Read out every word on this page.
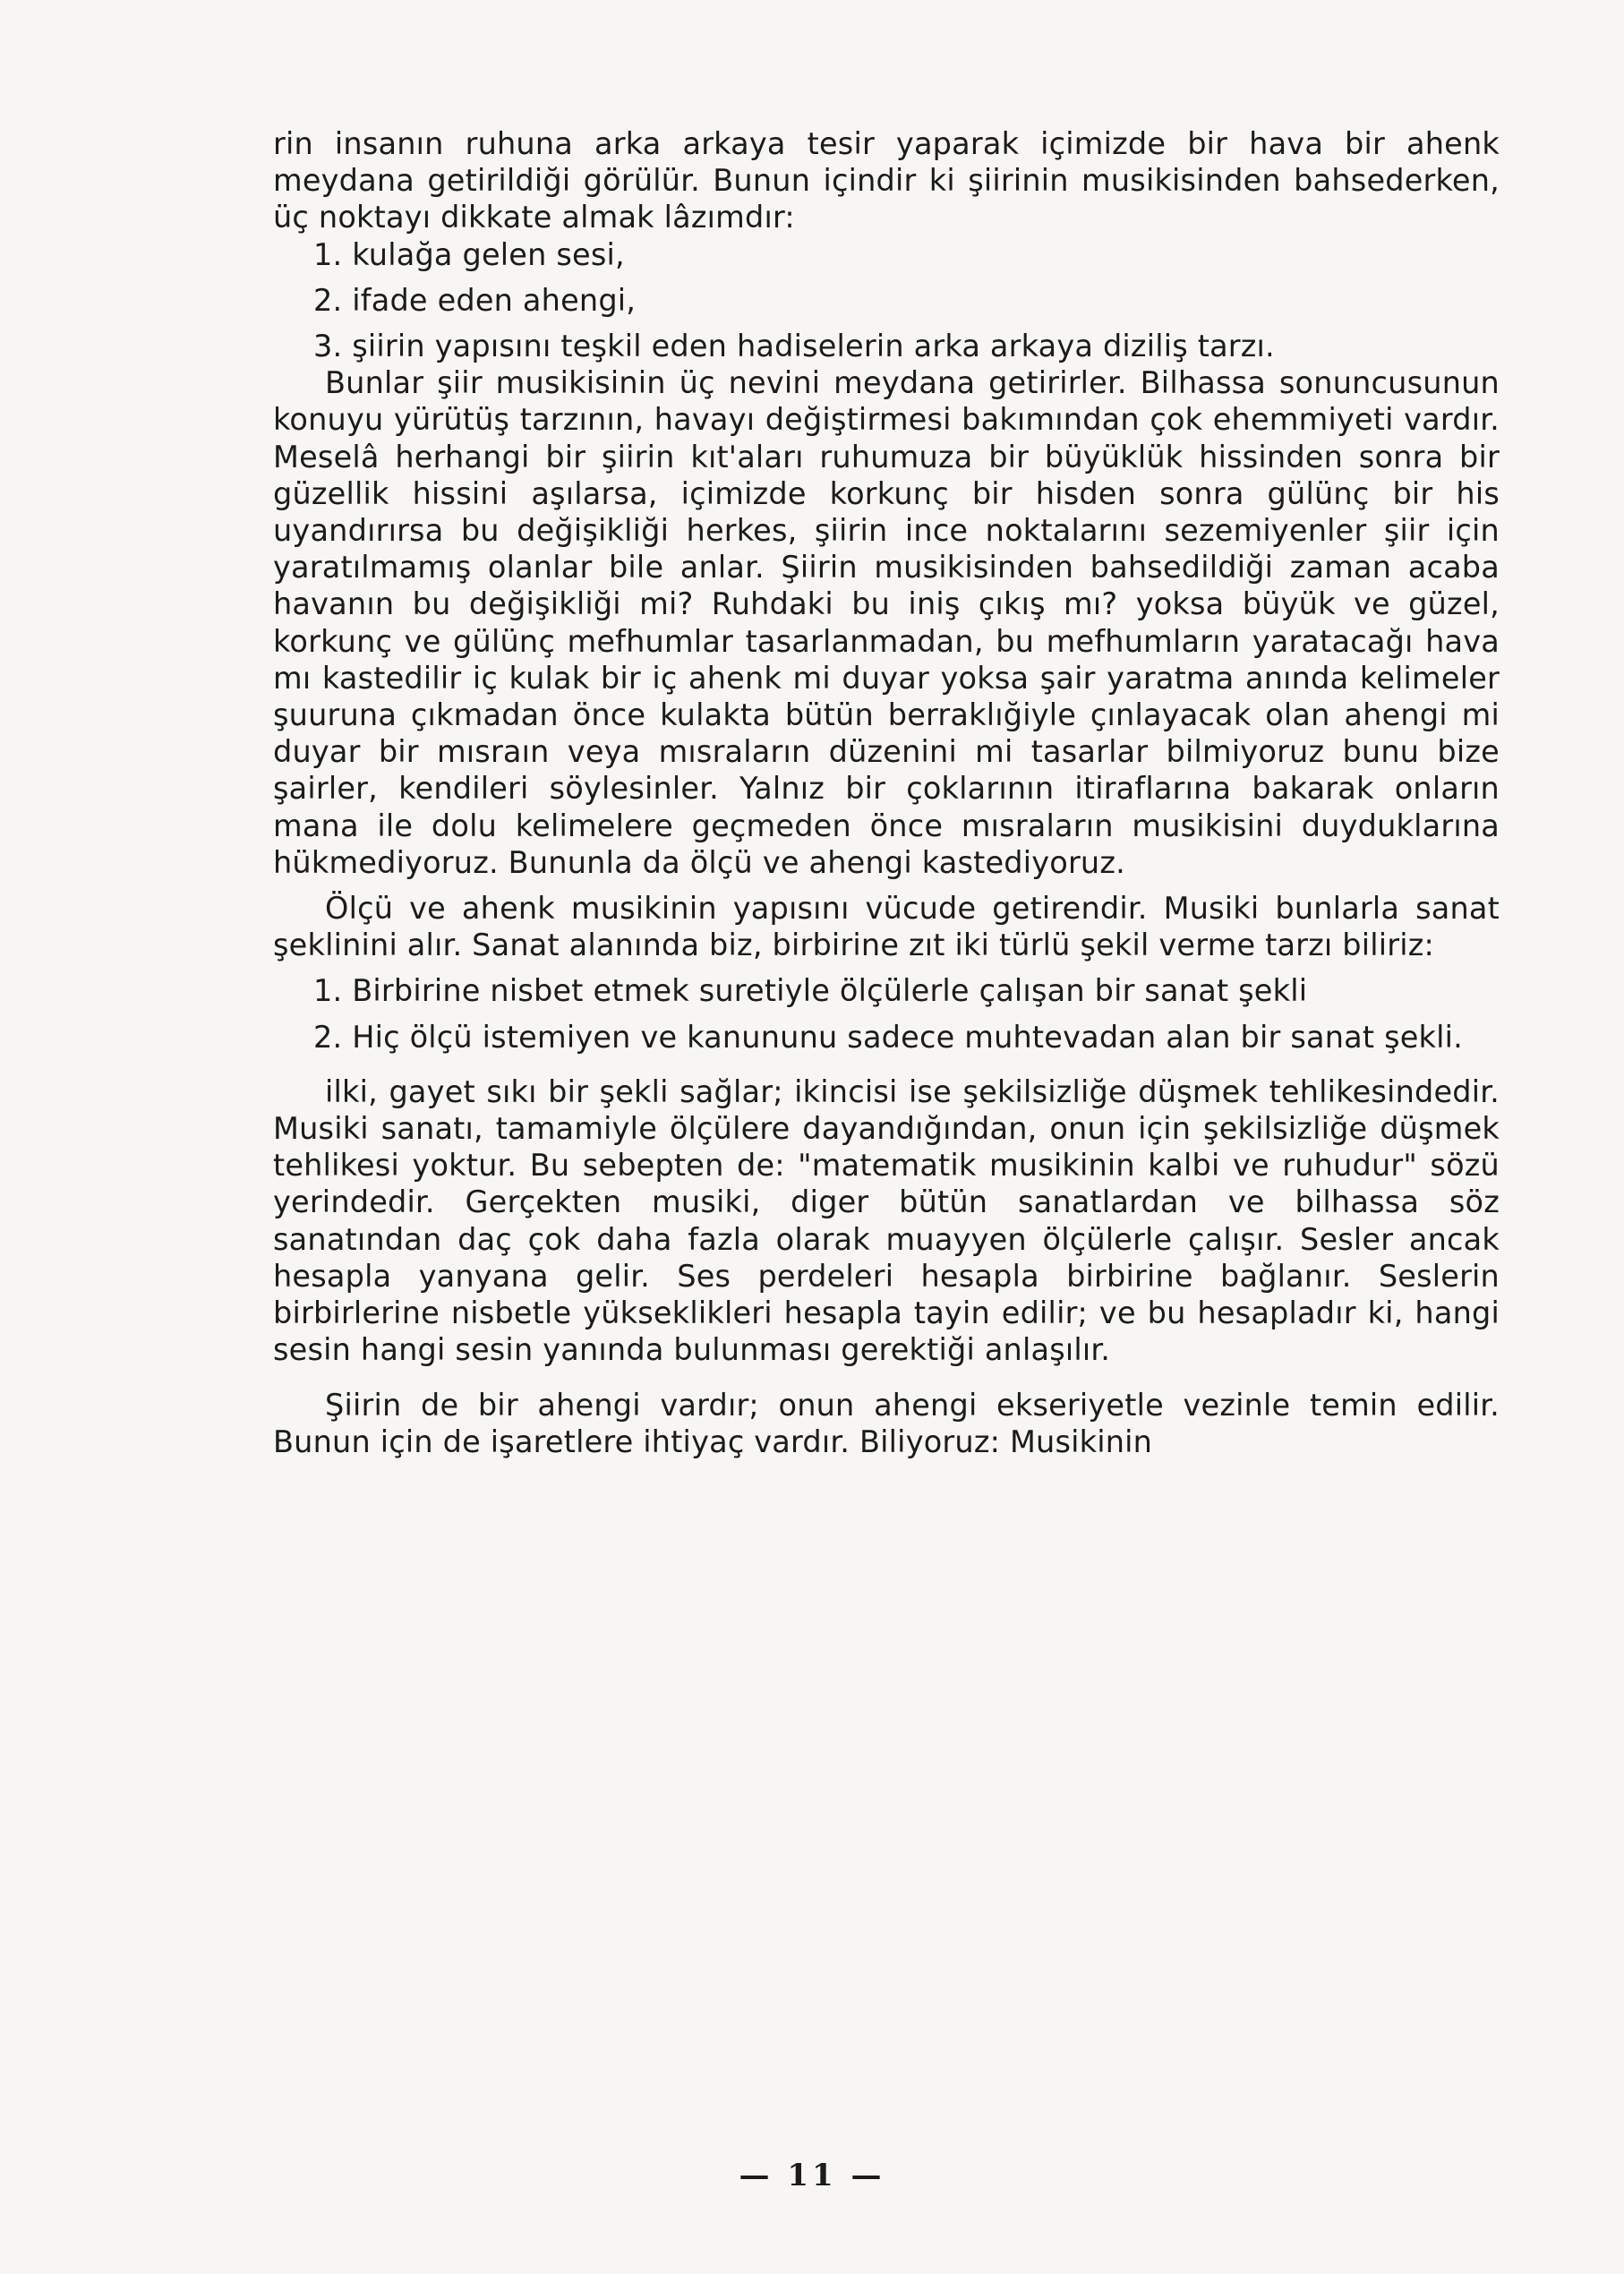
rin insanın ruhuna arka arkaya tesir yaparak içimizde bir hava bir ahenk meydana getirildiği görülür. Bunun içindir ki şiirinin musikisinden bahsederken, üç noktayı dikkate almak lâzımdır:

1. kulağa gelen sesi,

2. ifade eden ahengi,

3. şiirin yapısını teşkil eden hadiselerin arka arkaya diziliş tarzı.

Bunlar şiir musikisinin üç nevini meydana getirirler. Bilhassa sonuncusunun konuyu yürütüş tarzının, havayı değiştirmesi bakımından çok ehemmiyeti vardır. Meselâ herhangi bir şiirin kıt'aları ruhumuza bir büyüklük hissinden sonra bir güzellik hissini aşılarsa, içimizde korkunç bir hisden sonra gülünç bir his uyandırırsa bu değişikliği herkes, şiirin ince noktalarını sezemiyenler şiir için yaratılmamış olanlar bile anlar. Şiirin musikisinden bahsedildiği zaman acaba havanın bu değişikliği mi? Ruhdaki bu iniş çıkış mı? yoksa büyük ve güzel, korkunç ve gülünç mefhumlar tasarlanmadan, bu mefhumların yaratacağı hava mı kastedilir iç kulak bir iç ahenk mi duyar yoksa şair yaratma anında kelimeler şuuruna çıkmadan önce kulakta bütün berraklığiyle çınlayacak olan ahengi mi duyar bir mısraın veya mısraların düzenini mi tasarlar bilmiyoruz bunu bize şairler, kendileri söylesinler. Yalnız bir çoklarının itiraflarına bakarak onların mana ile dolu kelimelere geçmeden önce mısraların musikisini duyduklarına hükmediyoruz. Bununla da ölçü ve ahengi kastediyoruz.

Ölçü ve ahenk musikinin yapısını vücude getirendir. Musiki bunlarla sanat şeklinini alır. Sanat alanında biz, birbirine zıt iki türlü şekil verme tarzı biliriz:

1. Birbirine nisbet etmek suretiyle ölçülerle çalışan bir sanat şekli

2. Hiç ölçü istemiyen ve kanununu sadece muhtevadan alan bir sanat şekli.

ilki, gayet sıkı bir şekli sağlar; ikincisi ise şekilsizliğe düşmek tehlikesindedir. Musiki sanatı, tamamiyle ölçülere dayandığından, onun için şekilsizliğe düşmek tehlikesi yoktur. Bu sebepten de: "matematik musikinin kalbi ve ruhudur" sözü yerindedir. Gerçekten musiki, diger bütün sanatlardan ve bilhassa söz sanatından daç çok daha fazla olarak muayyen ölçülerle çalışır. Sesler ancak hesapla yanyana gelir. Ses perdeleri hesapla birbirine bağlanır. Seslerin birbirlerine nisbetle yükseklikleri hesapla tayin edilir; ve bu hesapladır ki, hangi sesin hangi sesin yanında bulunması gerektiği anlaşılır.

Şiirin de bir ahengi vardır; onun ahengi ekseriyetle vezinle temin edilir. Bunun için de işaretlere ihtiyaç vardır. Biliyoruz: Musikinin

— 11 —
